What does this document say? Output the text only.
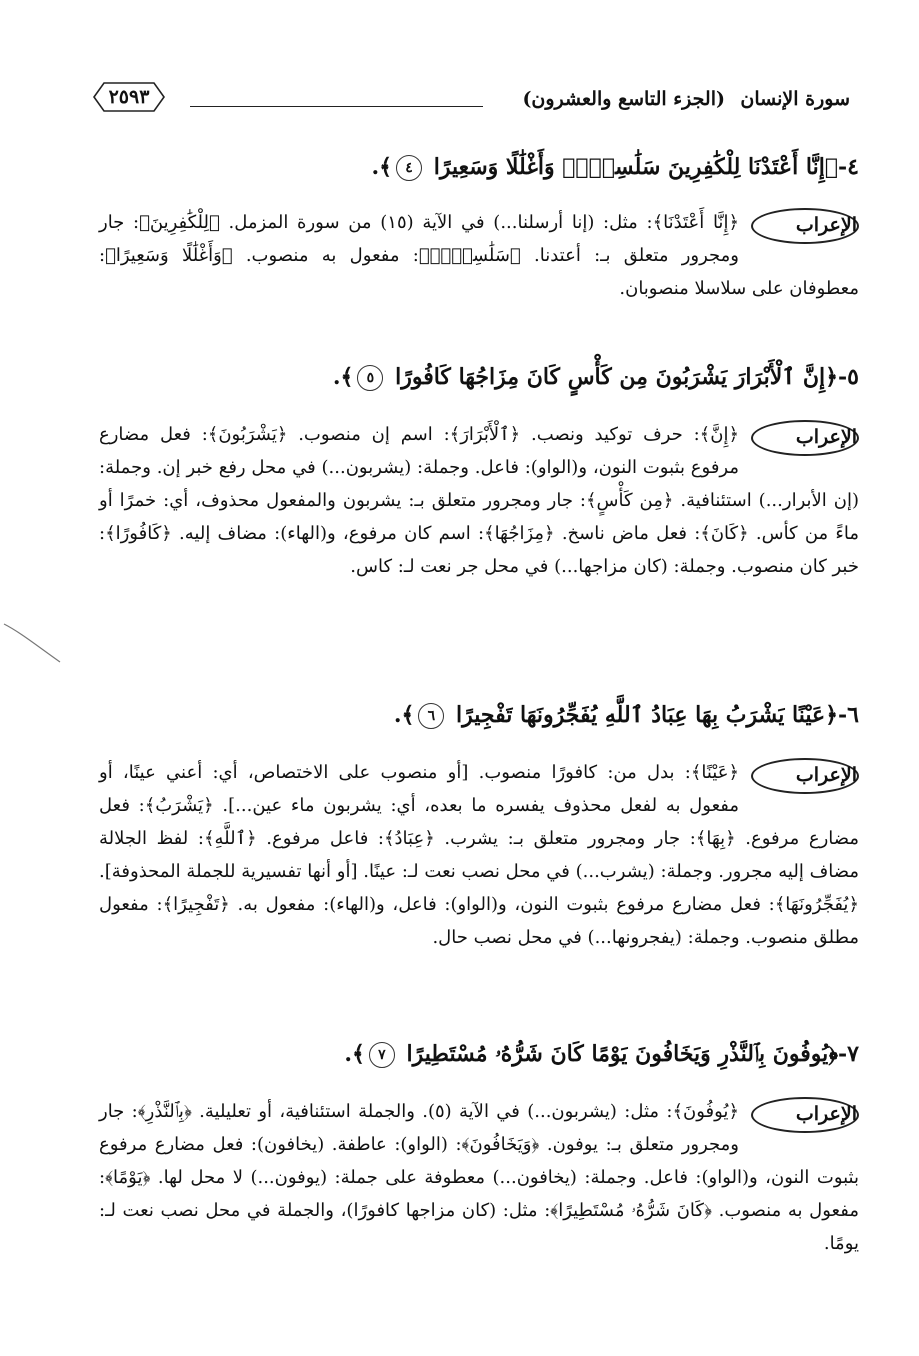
سورة الإنسان
(الجزء التاسع والعشرون)
٢٥٩٣
٤-﴿إِنَّا أَعْتَدْنَا لِلْكَٰفِرِينَ سَلَٰسِلَا۟ وَأَغْلَٰلًا وَسَعِيرًا ٤﴾.
الإعراب
﴿إِنَّا أَعْتَدْنَا﴾: مثل: (إنا أرسلنا...) في الآية (١٥) من سورة المزمل. ﴿لِلْكَٰفِرِينَ﴾: جار ومجرور متعلق بـ: أعتدنا. ﴿سَلَٰسِلَا۟﴾: مفعول به منصوب. ﴿وَأَغْلَٰلًا وَسَعِيرًا﴾: معطوفان على سلاسلا منصوبان.
٥-﴿إِنَّ ٱلْأَبْرَارَ يَشْرَبُونَ مِن كَأْسٍ كَانَ مِزَاجُهَا كَافُورًا ٥﴾.
الإعراب
﴿إِنَّ﴾: حرف توكيد ونصب. ﴿ٱلْأَبْرَارَ﴾: اسم إن منصوب. ﴿يَشْرَبُونَ﴾: فعل مضارع مرفوع بثبوت النون، و(الواو): فاعل. وجملة: (يشربون...) في محل رفع خبر إن. وجملة: (إن الأبرار...) استئنافية. ﴿مِن كَأْسٍ﴾: جار ومجرور متعلق بـ: يشربون والمفعول محذوف، أي: خمرًا أو ماءً من كأس. ﴿كَانَ﴾: فعل ماض ناسخ. ﴿مِزَاجُهَا﴾: اسم كان مرفوع، و(الهاء): مضاف إليه. ﴿كَافُورًا﴾: خبر كان منصوب. وجملة: (كان مزاجها...) في محل جر نعت لـ: كاس.
٦-﴿عَيْنًا يَشْرَبُ بِهَا عِبَادُ ٱللَّهِ يُفَجِّرُونَهَا تَفْجِيرًا ٦﴾.
الإعراب
﴿عَيْنًا﴾: بدل من: كافورًا منصوب. [أو منصوب على الاختصاص، أي: أعني عينًا، أو مفعول به لفعل محذوف يفسره ما بعده، أي: يشربون ماء عين...]. ﴿يَشْرَبُ﴾: فعل مضارع مرفوع. ﴿بِهَا﴾: جار ومجرور متعلق بـ: يشرب. ﴿عِبَادُ﴾: فاعل مرفوع. ﴿ٱللَّهِ﴾: لفظ الجلالة مضاف إليه مجرور. وجملة: (يشرب...) في محل نصب نعت لـ: عينًا. [أو أنها تفسيرية للجملة المحذوفة]. ﴿يُفَجِّرُونَهَا﴾: فعل مضارع مرفوع بثبوت النون، و(الواو): فاعل، و(الهاء): مفعول به. ﴿تَفْجِيرًا﴾: مفعول مطلق منصوب. وجملة: (يفجرونها...) في محل نصب حال.
٧-﴿يُوفُونَ بِٱلنَّذْرِ وَيَخَافُونَ يَوْمًا كَانَ شَرُّهُۥ مُسْتَطِيرًا ٧﴾.
الإعراب
﴿يُوفُونَ﴾: مثل: (يشربون...) في الآية (٥). والجملة استئنافية، أو تعليلية. ﴿بِٱلنَّذْرِ﴾: جار ومجرور متعلق بـ: يوفون. ﴿وَيَخَافُونَ﴾: (الواو): عاطفة. (يخافون): فعل مضارع مرفوع بثبوت النون، و(الواو): فاعل. وجملة: (يخافون...) معطوفة على جملة: (يوفون...) لا محل لها. ﴿يَوْمًا﴾: مفعول به منصوب. ﴿كَانَ شَرُّهُۥ مُسْتَطِيرًا﴾: مثل: (كان مزاجها كافورًا)، والجملة في محل نصب نعت لـ: يومًا.
